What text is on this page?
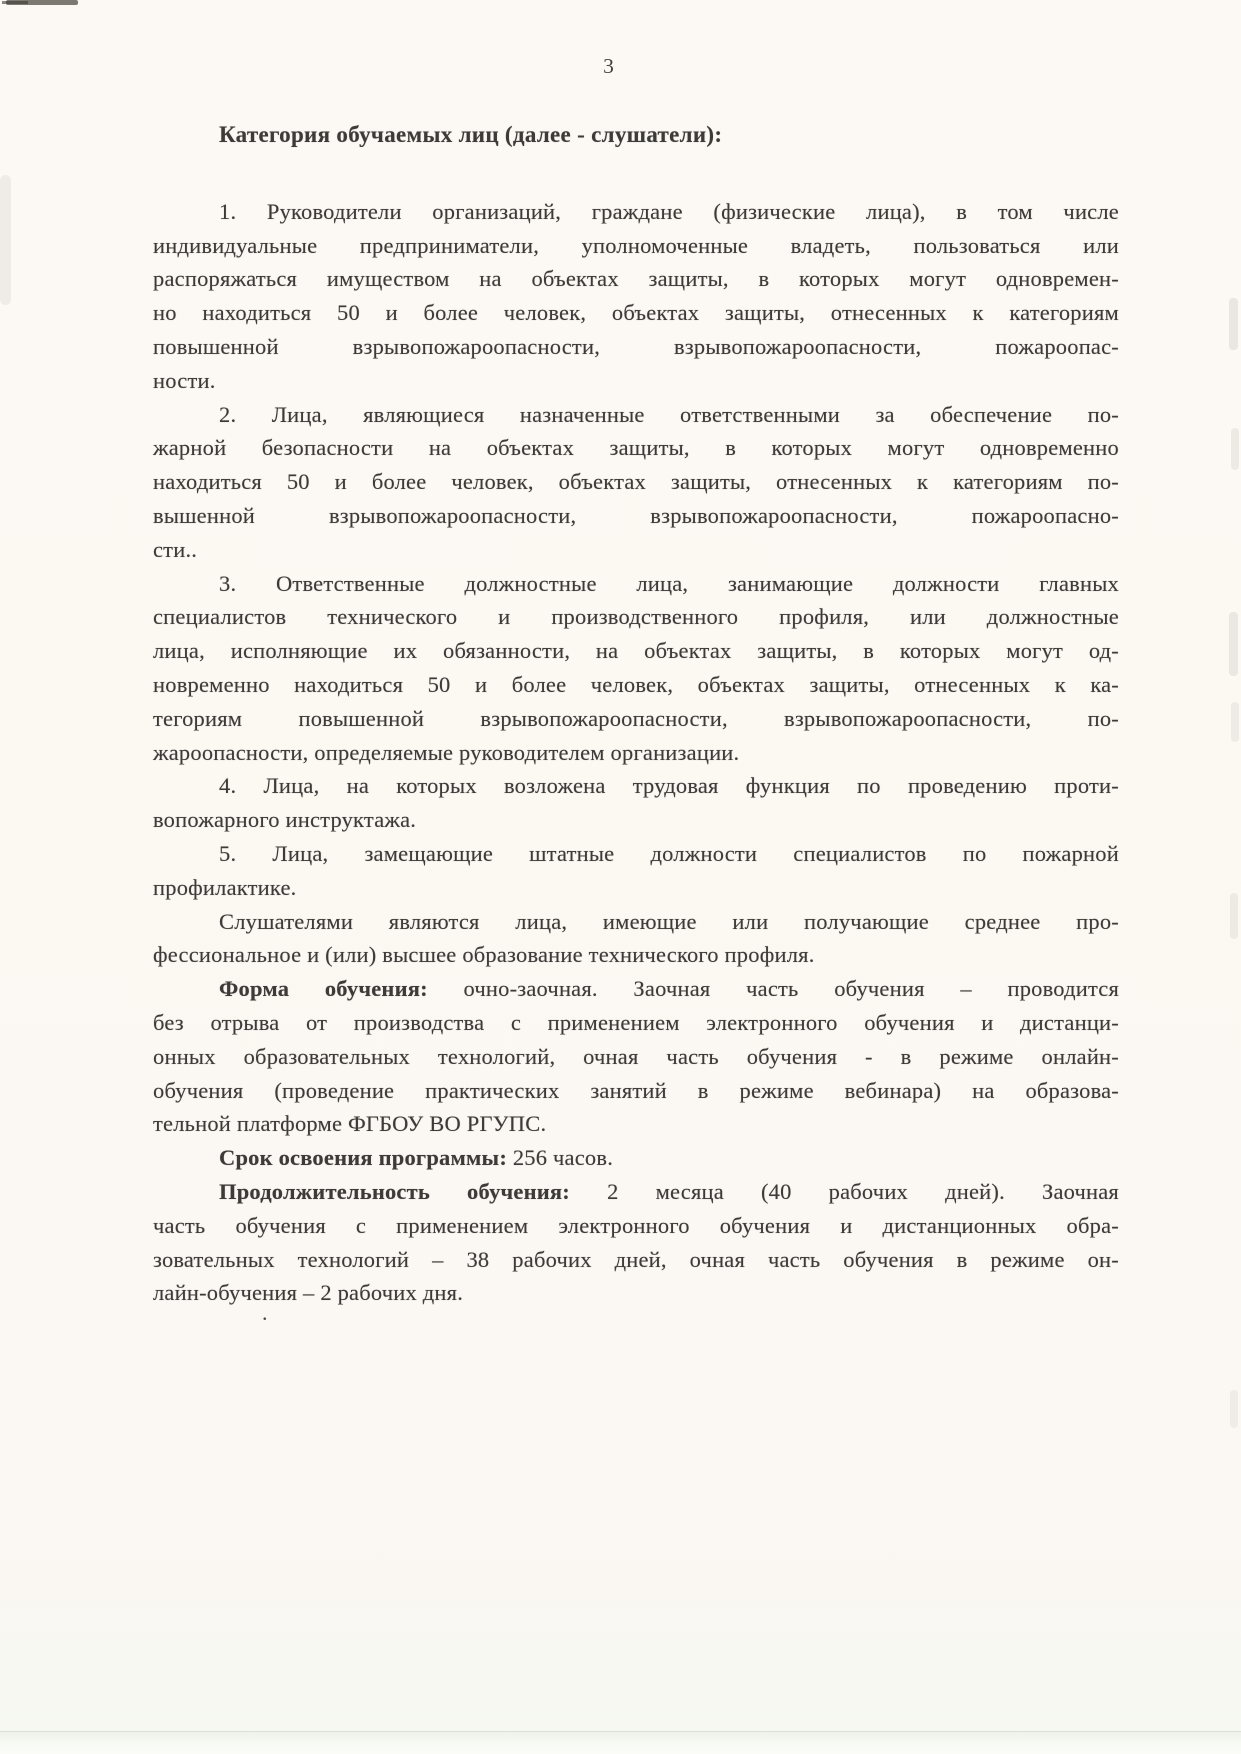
3
Категория обучаемых лиц (далее - слушатели):
1. Руководители организаций, граждане (физические лица), в том числе
индивидуальные предприниматели, уполномоченные владеть, пользоваться или
распоряжаться имуществом на объектах защиты, в которых могут одновремен-
но находиться 50 и более человек, объектах защиты, отнесенных к категориям
повышенной взрывопожароопасности, взрывопожароопасности, пожароопас-
ности.
2. Лица, являющиеся назначенные ответственными за обеспечение по-
жарной безопасности на объектах защиты, в которых могут одновременно
находиться 50 и более человек, объектах защиты, отнесенных к категориям по-
вышенной взрывопожароопасности, взрывопожароопасности, пожароопасно-
сти..
3. Ответственные должностные лица, занимающие должности главных
специалистов технического и производственного профиля, или должностные
лица, исполняющие их обязанности, на объектах защиты, в которых могут од-
новременно находиться 50 и более человек, объектах защиты, отнесенных к ка-
тегориям повышенной взрывопожароопасности, взрывопожароопасности, по-
жароопасности, определяемые руководителем организации.
4. Лица, на которых возложена трудовая функция по проведению проти-
вопожарного инструктажа.
5. Лица, замещающие штатные должности специалистов по пожарной
профилактике.
Слушателями являются лица, имеющие или получающие среднее про-
фессиональное и (или) высшее образование технического профиля.
Форма обучения: очно-заочная. Заочная часть обучения – проводится
без отрыва от производства с применением электронного обучения и дистанци-
онных образовательных технологий, очная часть обучения - в режиме онлайн-
обучения (проведение практических занятий в режиме вебинара) на образова-
тельной платформе ФГБОУ ВО РГУПС.
Срок освоения программы: 256 часов.
Продолжительность обучения: 2 месяца (40 рабочих дней). Заочная
часть обучения с применением электронного обучения и дистанционных обра-
зовательных технологий – 38 рабочих дней, очная часть обучения в режиме он-
лайн-обучения – 2 рабочих дня.
.
